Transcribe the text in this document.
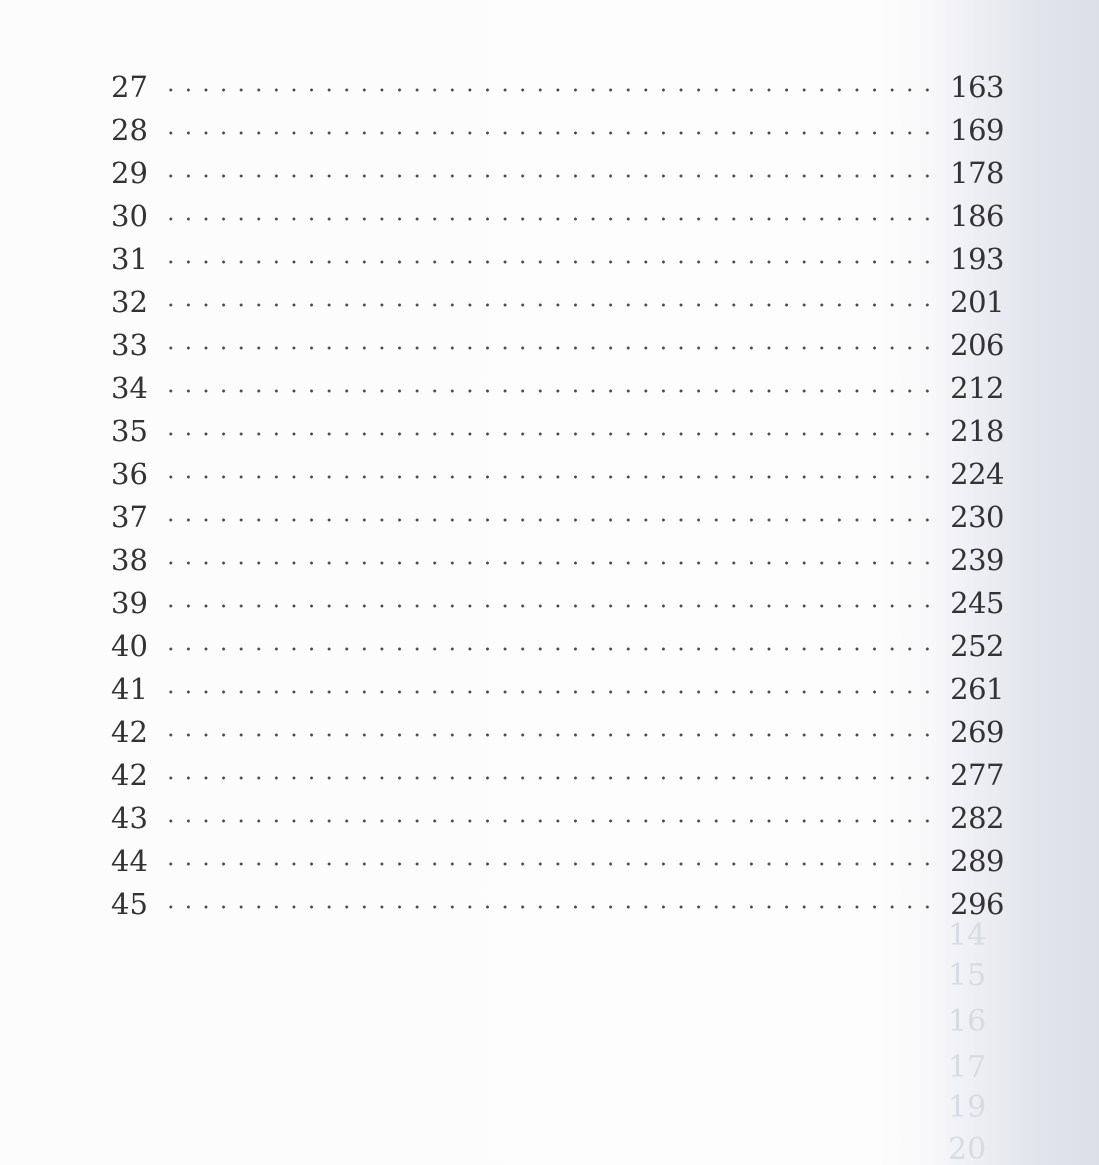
27	163
28	169
29	178
30	186
31	193
32	201
33	206
34	212
35	218
36	224
37	230
38	239
39	245
40	252
41	261
42	269
42	277
43	282
44	289
45	296
14
15
16
17
19
20
